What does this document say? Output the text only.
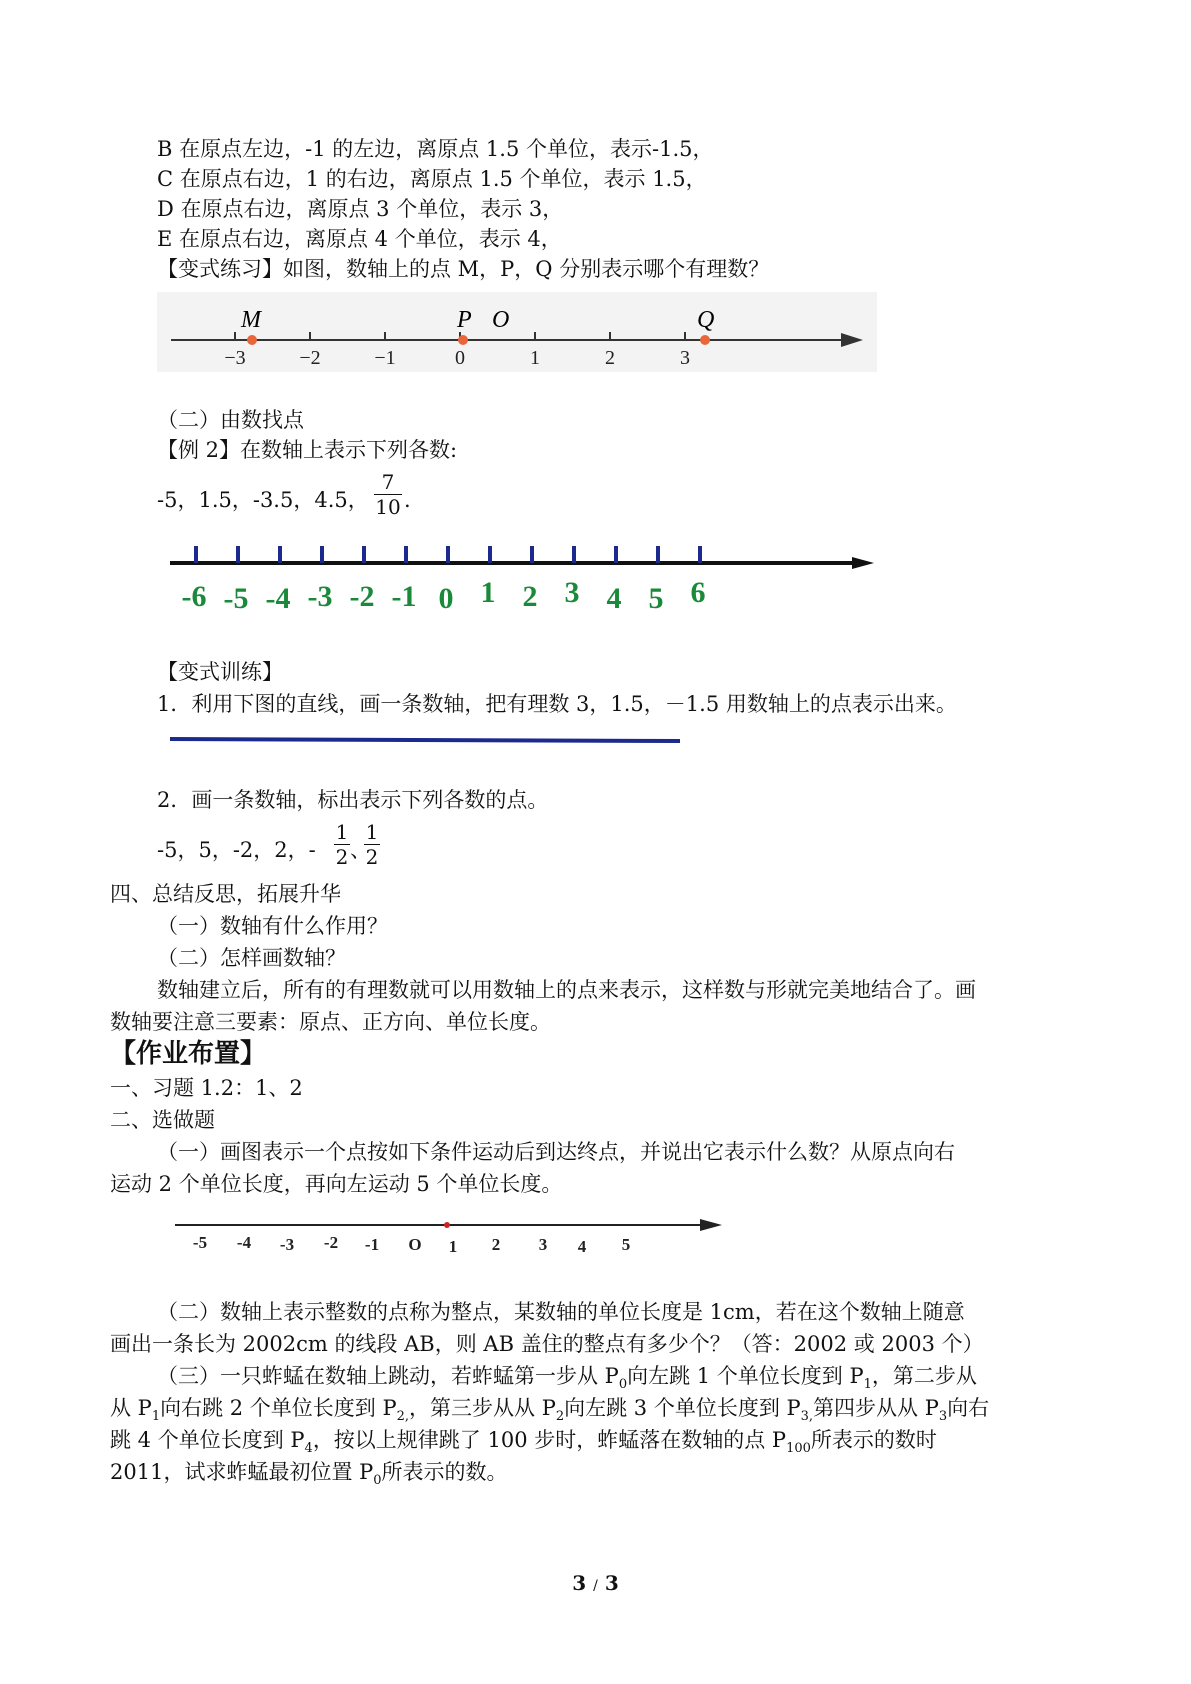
B 在原点左边，-1 的左边，离原点 1.5 个单位，表示-1.5，
C 在原点右边，1 的右边，离原点 1.5 个单位，表示 1.5，
D 在原点右边，离原点 3 个单位，表示 3，
E 在原点右边，离原点 4 个单位，表示 4，
【变式练习】如图，数轴上的点 M，P，Q 分别表示哪个有理数？
−3	−2	−1	0	1	2	3
M	P O	Q
（二）由数找点
【例 2】在数轴上表示下列各数:
-5，1.5，-3.5，4.5，
7
10 .
-6 -5 -4 -3 -2 -1 0 1 2 3 4 5 6
【变式训练】
1．利用下图的直线，画一条数轴，把有理数 3，1.5，－1.5 用数轴上的点表示出来。
2．画一条数轴，标出表示下列各数的点。
-5，5，-2，2，-
1
2 、
1
2
四、总结反思，拓展升华
（一）数轴有什么作用？
（二）怎样画数轴？
数轴建立后，所有的有理数就可以用数轴上的点来表示，这样数与形就完美地结合了。画
数轴要注意三要素：原点、正方向、单位长度。
【作业布置】
一、习题 1.2：1、2
二、选做题
（一）画图表示一个点按如下条件运动后到达终点，并说出它表示什么数？从原点向右
运动 2 个单位长度，再向左运动 5 个单位长度。
-5 -4 -3 -2 -1 O 1 2 3 4 5
（二）数轴上表示整数的点称为整点，某数轴的单位长度是 1cm，若在这个数轴上随意
画出一条长为 2002cm 的线段 AB，则 AB 盖住的整点有多少个？（答：2002 或 2003 个）
（三）一只蚱蜢在数轴上跳动，若蚱蜢第一步从 $P_0$向左跳 1 个单位长度到 $P_1$，第二步从
从 $P_1$向右跳 2 个单位长度到 $P_{2,}$，第三步从从 $P_2$向左跳 3 个单位长度到 $P_{3,}$第四步从从 $P_3$向右
跳 4 个单位长度到 $P_4$，按以上规律跳了 100 步时，蚱蜢落在数轴的点 $P_{100}$所表示的数时
2011，试求蚱蜢最初位置 $P_0$所表示的数。
3 / 3
